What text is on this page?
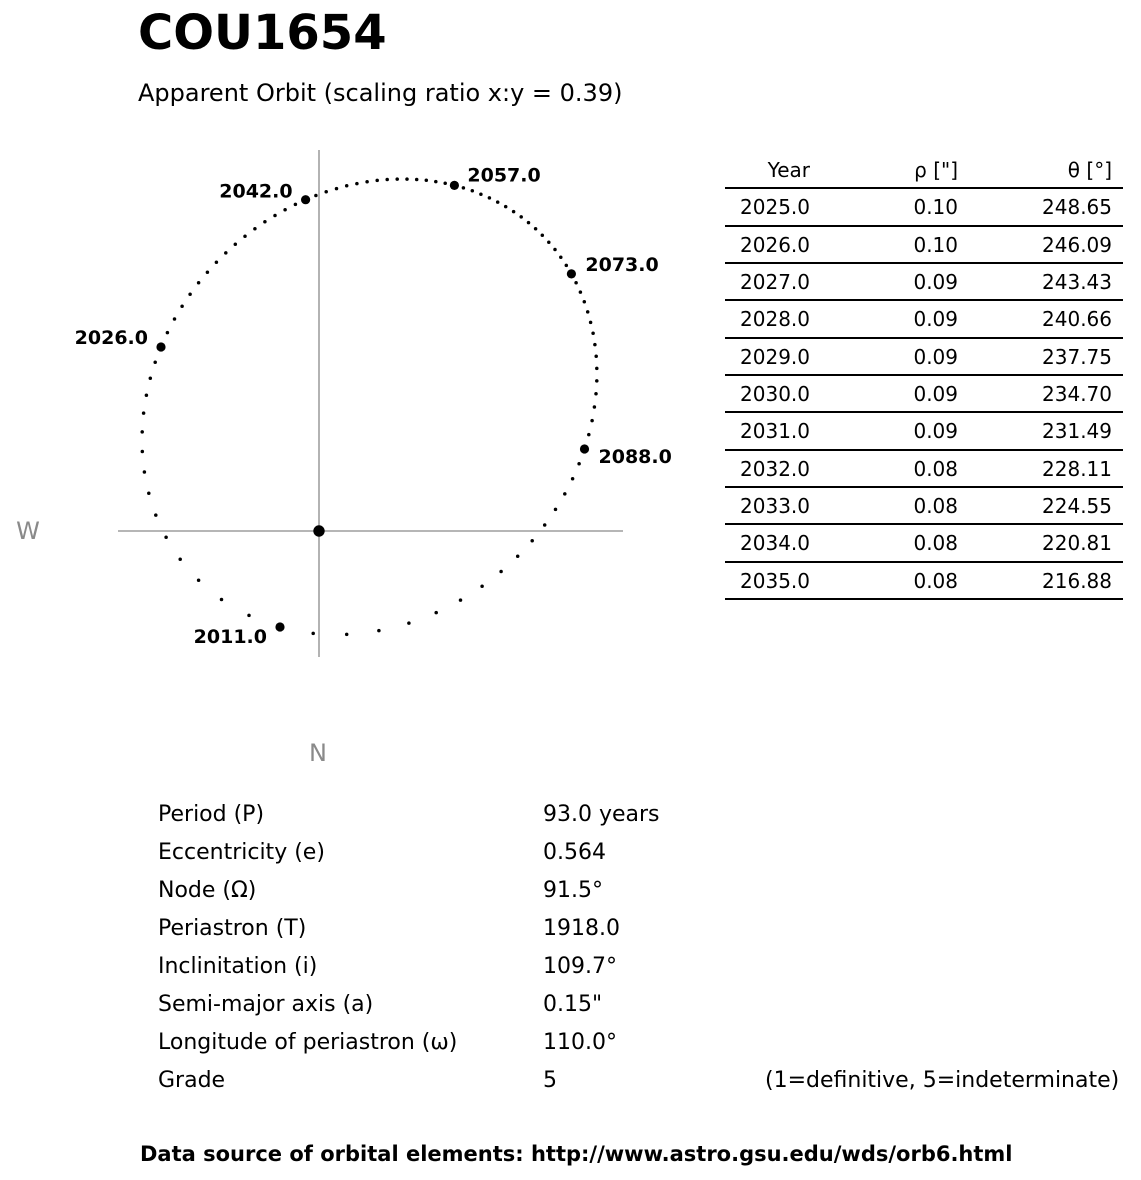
COU1654
Apparent Orbit (scaling ratio x:y = 0.39)
W
N
2011.0
2026.0
2042.0
2057.0
2073.0
2088.0
Year	ρ ["]	θ [°]
2025.0	0.10	248.65
2026.0	0.10	246.09
2027.0	0.09	243.43
2028.0	0.09	240.66
2029.0	0.09	237.75
2030.0	0.09	234.70
2031.0	0.09	231.49
2032.0	0.08	228.11
2033.0	0.08	224.55
2034.0	0.08	220.81
2035.0	0.08	216.88
Period (P)	93.0 years
Eccentricity (e)	0.564
Node (Ω)	91.5°
Periastron (T)	1918.0
Inclinitation (i)	109.7°
Semi-major axis (a)	0.15"
Longitude of periastron (ω)	110.0°
Grade	5	(1=definitive, 5=indeterminate)
Data source of orbital elements: http://www.astro.gsu.edu/wds/orb6.html
